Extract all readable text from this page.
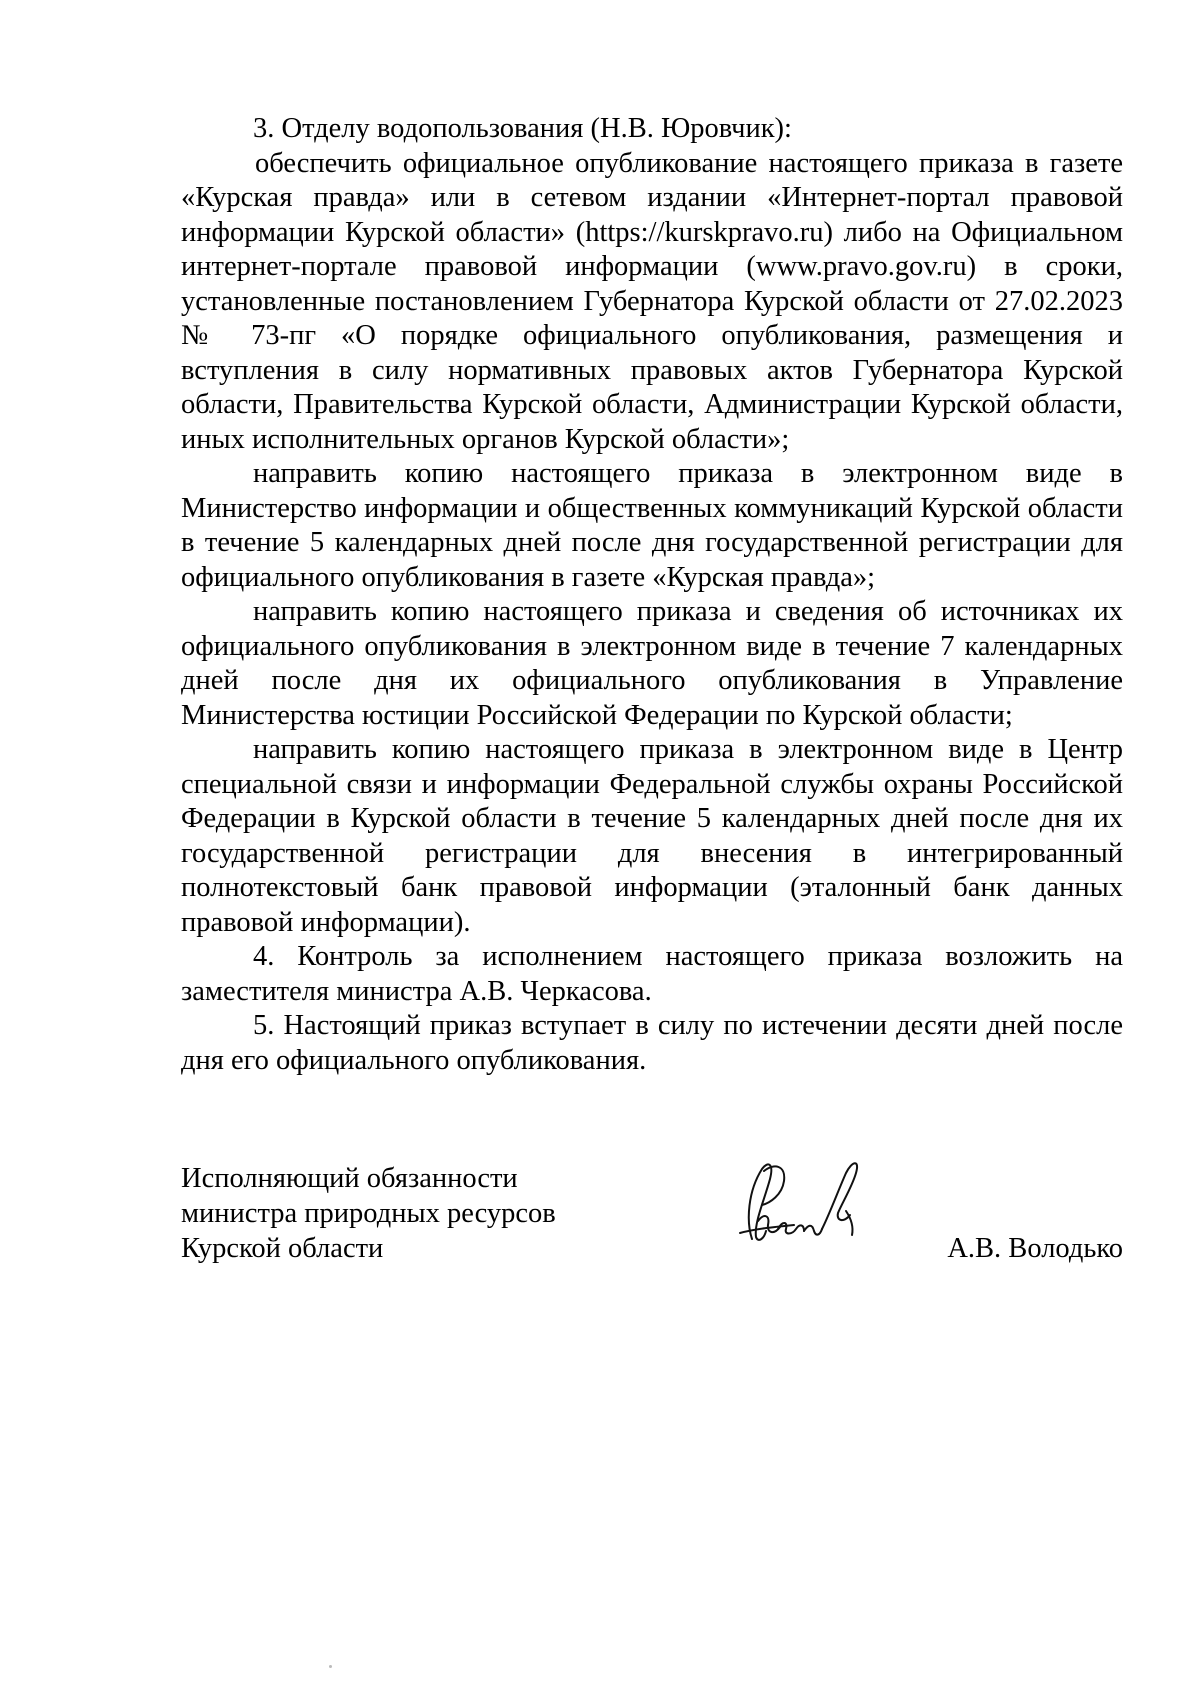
3. Отделу водопользования (Н.В. Юровчик):

обеспечить официальное опубликование настоящего приказа в газете «Курская правда» или в сетевом издании «Интернет-портал правовой информации Курской области» (https://kurskpravo.ru) либо на Официальном интернет-портале правовой информации (www.pravo.gov.ru) в сроки, установленные постановлением Губернатора Курской области от 27.02.2023 № 73-пг «О порядке официального опубликования, размещения и вступления в силу нормативных правовых актов Губернатора Курской области, Правительства Курской области, Администрации Курской области, иных исполнительных органов Курской области»;

направить копию настоящего приказа в электронном виде в Министерство информации и общественных коммуникаций Курской области в течение 5 календарных дней после дня государственной регистрации для официального опубликования в газете «Курская правда»;

направить копию настоящего приказа и сведения об источниках их официального опубликования в электронном виде в течение 7 календарных дней после дня их официального опубликования в Управление Министерства юстиции Российской Федерации по Курской области;

направить копию настоящего приказа в электронном виде в Центр специальной связи и информации Федеральной службы охраны Российской Федерации в Курской области в течение 5 календарных дней после дня их государственной регистрации для внесения в интегрированный полнотекстовый банк правовой информации (эталонный банк данных правовой информации).

4. Контроль за исполнением настоящего приказа возложить на заместителя министра А.В. Черкасова.

5. Настоящий приказ вступает в силу по истечении десяти дней после дня его официального опубликования.

Исполняющий обязанности
министра природных ресурсов
Курской области	А.В. Володько
